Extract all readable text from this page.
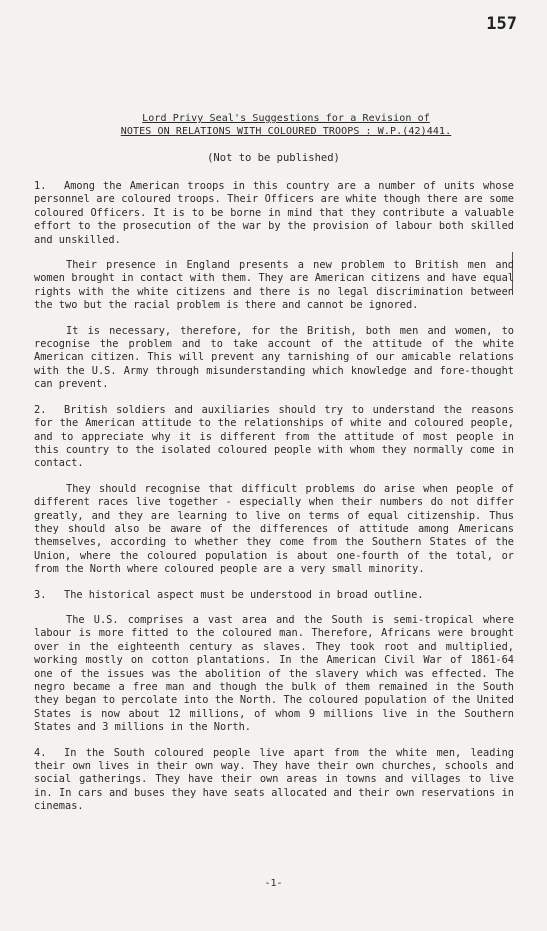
157
Lord Privy Seal's Suggestions for a Revision of
NOTES ON RELATIONS WITH COLOURED TROOPS : W.P.(42)441.
(Not to be published)

1. Among the American troops in this country are a number of units whose personnel are coloured troops. Their Officers are white though there are some coloured Officers. It is to be borne in mind that they contribute a valuable effort to the prosecution of the war by the provision of labour both skilled and unskilled.

Their presence in England presents a new problem to British men and women brought in contact with them. They are American citizens and have equal rights with the white citizens and there is no legal discrimination between the two but the racial problem is there and cannot be ignored.

It is necessary, therefore, for the British, both men and women, to recognise the problem and to take account of the attitude of the white American citizen. This will prevent any tarnishing of our amicable relations with the U.S. Army through misunderstanding which knowledge and fore-thought can prevent.

2. British soldiers and auxiliaries should try to understand the reasons for the American attitude to the relationships of white and coloured people, and to appreciate why it is different from the attitude of most people in this country to the isolated coloured people with whom they normally come in contact.

They should recognise that difficult problems do arise when people of different races live together - especially when their numbers do not differ greatly, and they are learning to live on terms of equal citizenship. Thus they should also be aware of the differences of attitude among Americans themselves, according to whether they come from the Southern States of the Union, where the coloured population is about one-fourth of the total, or from the North where coloured people are a very small minority.

3. The historical aspect must be understood in broad outline.

The U.S. comprises a vast area and the South is semi-tropical where labour is more fitted to the coloured man. Therefore, Africans were brought over in the eighteenth century as slaves. They took root and multiplied, working mostly on cotton plantations. In the American Civil War of 1861-64 one of the issues was the abolition of the slavery which was effected. The negro became a free man and though the bulk of them remained in the South they began to percolate into the North. The coloured population of the United States is now about 12 millions, of whom 9 millions live in the Southern States and 3 millions in the North.

4. In the South coloured people live apart from the white men, leading their own lives in their own way. They have their own churches, schools and social gatherings. They have their own areas in towns and villages to live in. In cars and buses they have seats allocated and their own reservations in cinemas.

-1-
